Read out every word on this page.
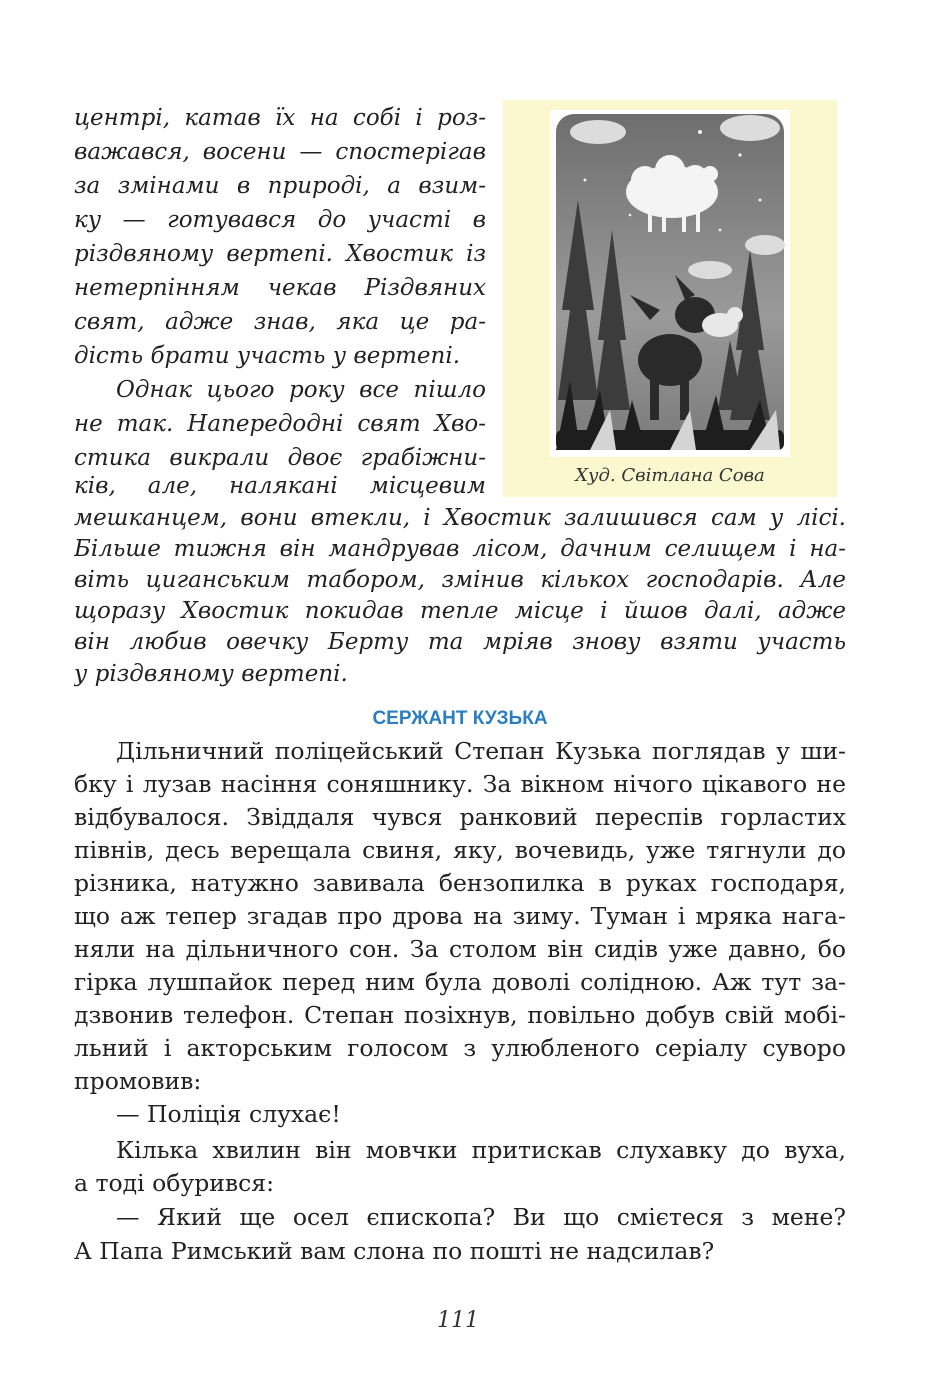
центрі, катав їх на собі і роз-
важався, восени — спостерігав
за змінами в природі, а взим-
ку — готувався до участі в
різдвяному вертепі. Хвостик із
нетерпінням чекав Різдвяних
свят, адже знав, яка це ра-
дість брати участь у вертепі.
Однак цього року все пішло
не так. Напередодні свят Хво-
стика викрали двоє грабіжни-
ків, але, налякані місцевим
мешканцем, вони втекли, і Хвостик залишився сам у лісі.
Більше тижня він мандрував лісом, дачним селищем і на-
віть циганським табором, змінив кількох господарів. Але
щоразу Хвостик покидав тепле місце і йшов далі, адже
він любив овечку Берту та мріяв знову взяти участь
у різдвяному вертепі.
Худ. Світлана Сова
СЕРЖАНТ КУЗЬКА
Дільничний поліцейський Степан Кузька поглядав у ши-
бку і лузав насіння соняшнику. За вікном нічого цікавого не
відбувалося. Звіддаля чувся ранковий переспів горластих
півнів, десь верещала свиня, яку, вочевидь, уже тягнули до
різника, натужно завивала бензопилка в руках господаря,
що аж тепер згадав про дрова на зиму. Туман і мряка нага-
няли на дільничного сон. За столом він сидів уже давно, бо
гірка лушпайок перед ним була доволі солідною. Аж тут за-
дзвонив телефон. Степан позіхнув, повільно добув свій мобі-
льний і акторським голосом з улюбленого серіалу суворо
промовив:
— Поліція слухає!
Кілька хвилин він мовчки притискав слухавку до вуха,
а тоді обурився:
— Який ще осел єпископа? Ви що смієтеся з мене?
А Папа Римський вам слона по пошті не надсилав?
111
